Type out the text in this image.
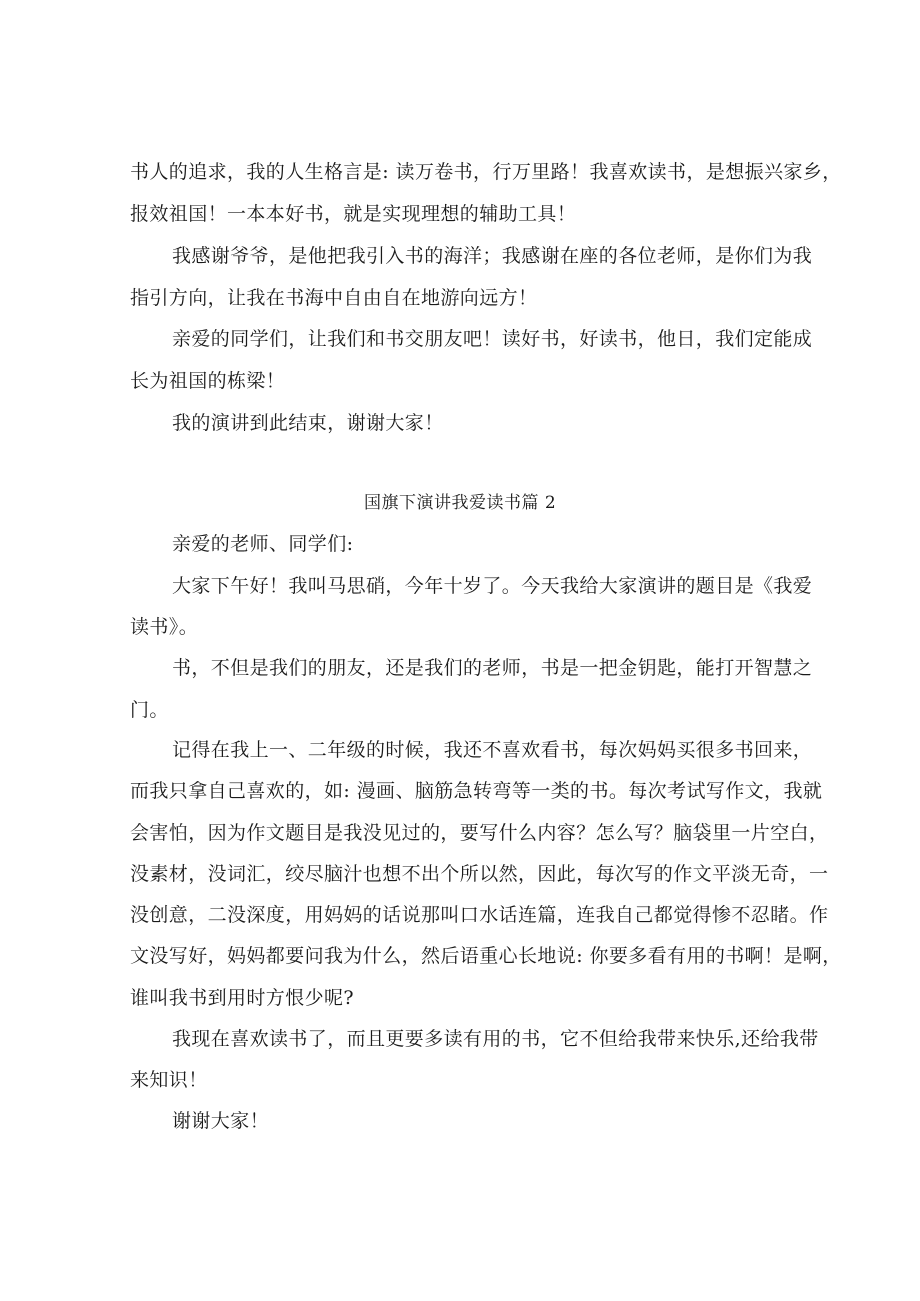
书人的追求，我的人生格言是: 读万卷书，行万里路！我喜欢读书，是想振兴家乡，
报效祖国！一本本好书，就是实现理想的辅助工具！
我感谢爷爷，是他把我引入书的海洋；我感谢在座的各位老师，是你们为我
指引方向，让我在书海中自由自在地游向远方！
亲爱的同学们，让我们和书交朋友吧！读好书，好读书，他日，我们定能成
长为祖国的栋梁！
我的演讲到此结束，谢谢大家！
国旗下演讲我爱读书篇 2
亲爱的老师、同学们:
大家下午好！我叫马思硝，今年十岁了。今天我给大家演讲的题目是《我爱
读书》。
书，不但是我们的朋友，还是我们的老师，书是一把金钥匙，能打开智慧之
门。
记得在我上一、二年级的时候，我还不喜欢看书，每次妈妈买很多书回来，
而我只拿自己喜欢的，如: 漫画、脑筋急转弯等一类的书。每次考试写作文，我就
会害怕，因为作文题目是我没见过的，要写什么内容？怎么写？脑袋里一片空白，
没素材，没词汇，绞尽脑汁也想不出个所以然，因此，每次写的作文平淡无奇，一
没创意，二没深度，用妈妈的话说那叫口水话连篇，连我自己都觉得惨不忍睹。作
文没写好，妈妈都要问我为什么，然后语重心长地说: 你要多看有用的书啊！是啊，
谁叫我书到用时方恨少呢?
我现在喜欢读书了，而且更要多读有用的书，它不但给我带来快乐,还给我带
来知识！
谢谢大家！
